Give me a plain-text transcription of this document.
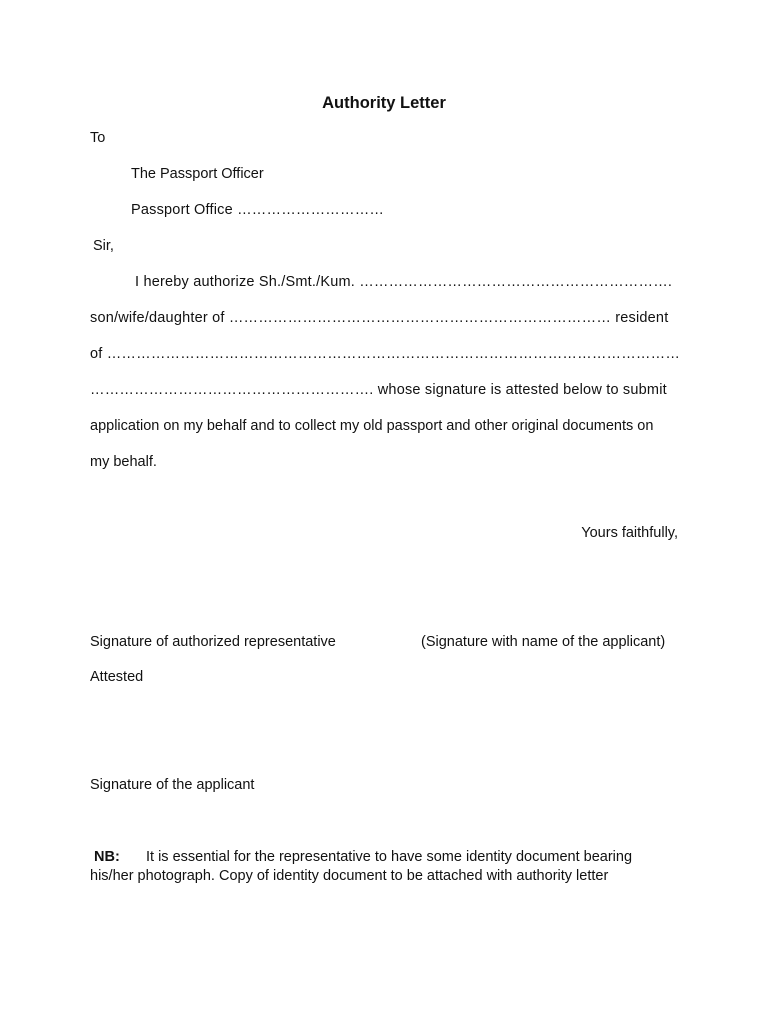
Authority Letter
To
The Passport Officer
Passport Office …………………………
Sir,
I hereby authorize Sh./Smt./Kum. ……………………………………………………….
son/wife/daughter of …………………………………………………………………… resident
of ………………………………………………………………………………………………………
…………………………………………………. whose signature is attested below to submit
application on my behalf and to collect my old passport and other original documents on
my behalf.
Yours faithfully,
Signature of authorized representative	(Signature with name of the applicant)
Attested
Signature of the applicant
NB: It is essential for the representative to have some identity document bearing
his/her photograph. Copy of identity document to be attached with authority letter
